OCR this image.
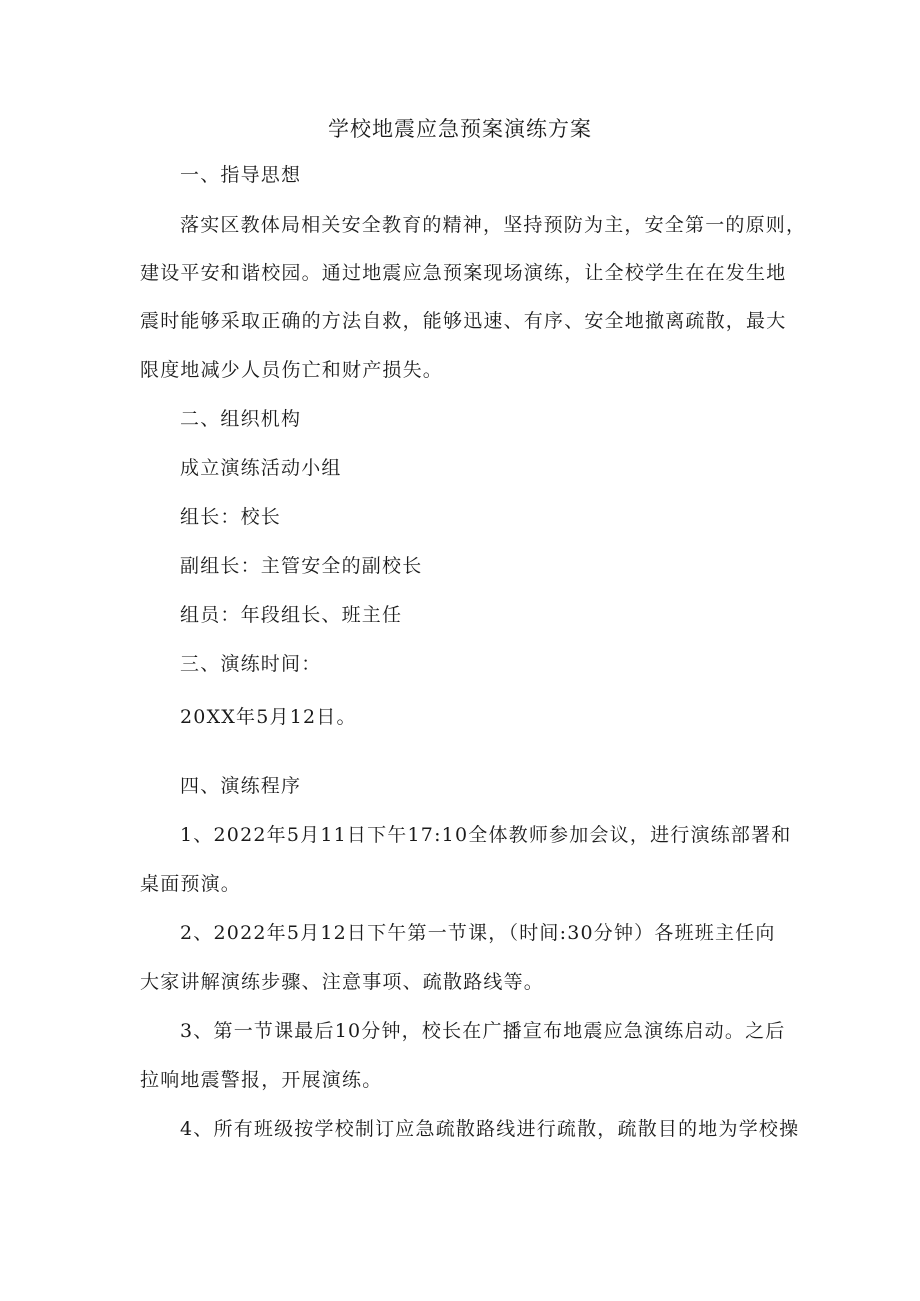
学校地震应急预案演练方案
一、指导思想
落实区教体局相关安全教育的精神，坚持预防为主，安全第一的原则，
建设平安和谐校园。通过地震应急预案现场演练，让全校学生在在发生地
震时能够采取正确的方法自救，能够迅速、有序、安全地撤离疏散，最大
限度地减少人员伤亡和财产损失。
二、组织机构
成立演练活动小组
组长：校长
副组长：主管安全的副校长
组员：年段组长、班主任
三、演练时间：
20XX年5月12日。
四、演练程序
1、2022年5月11日下午17:10全体教师参加会议，进行演练部署和
桌面预演。
2、2022年5月12日下午第一节课，（时间:30分钟）各班班主任向
大家讲解演练步骤、注意事项、疏散路线等。
3、第一节课最后10分钟，校长在广播宣布地震应急演练启动。之后
拉响地震警报，开展演练。
4、所有班级按学校制订应急疏散路线进行疏散，疏散目的地为学校操
